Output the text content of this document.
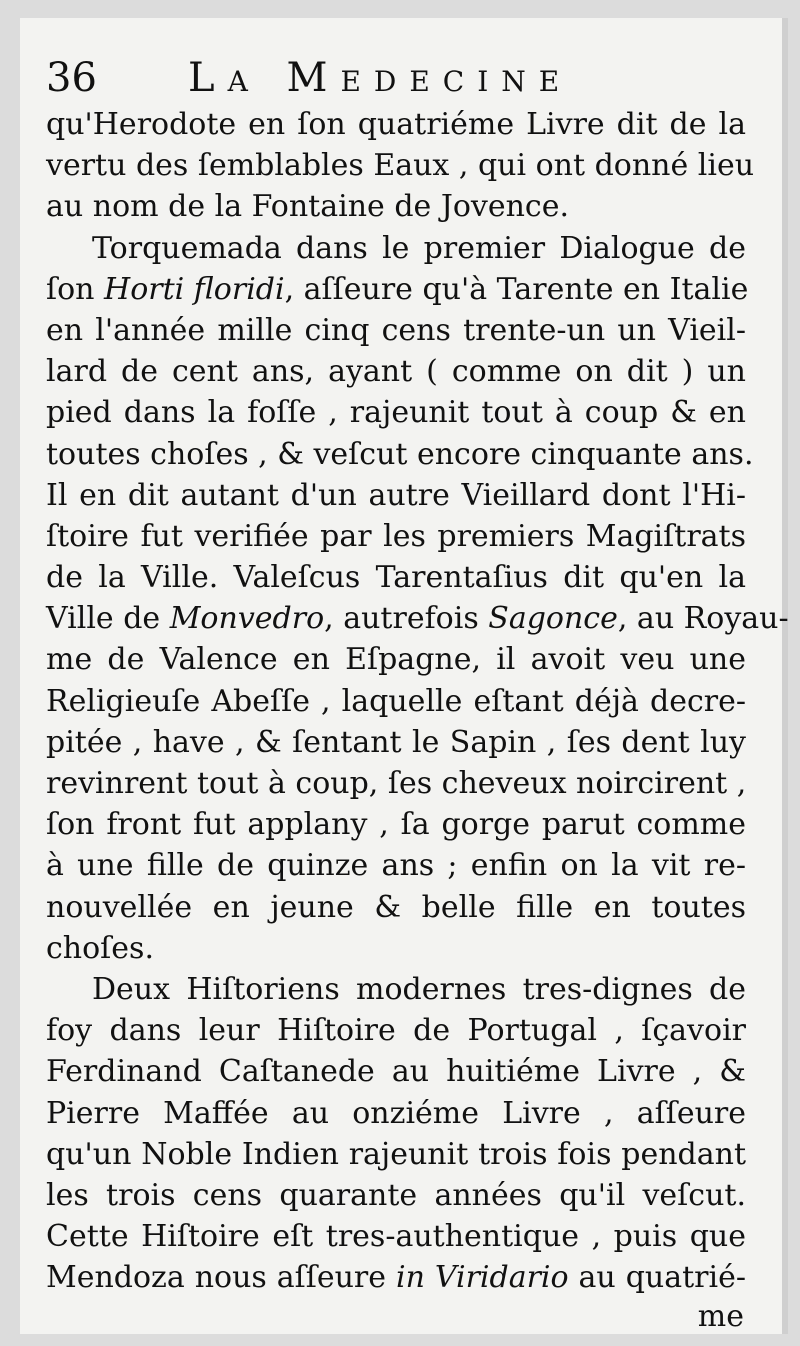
36 La Medecine
qu'Herodote en ſon quatriéme Livre dit de la
vertu des ſemblables Eaux , qui ont donné lieu
au nom de la Fontaine de Jovence.
Torquemada dans le premier Dialogue de
ſon Horti floridi, aſſeure qu'à Tarente en Italie
en l'année mille cinq cens trente-un un Vieil-
lard de cent ans, ayant ( comme on dit ) un
pied dans la foſſe , rajeunit tout à coup & en
toutes choſes , & veſcut encore cinquante ans.
Il en dit autant d'un autre Vieillard dont l'Hi-
ſtoire fut verifiée par les premiers Magiſtrats
de la Ville. Valeſcus Tarentaſius dit qu'en la
Ville de Monvedro, autrefois Sagonce, au Royau-
me de Valence en Eſpagne, il avoit veu une
Religieuſe Abeſſe , laquelle eſtant déjà decre-
pitée , have , & ſentant le Sapin , ſes dent luy
revinrent tout à coup, ſes cheveux noircirent ,
ſon front fut applany , ſa gorge parut comme
à une fille de quinze ans ; enfin on la vit re-
nouvellée en jeune & belle fille en toutes
choſes.
Deux Hiſtoriens modernes tres-dignes de
foy dans leur Hiſtoire de Portugal , ſçavoir
Ferdinand Caſtanede au huitiéme Livre , &
Pierre Maffée au onziéme Livre , aſſeure
qu'un Noble Indien rajeunit trois fois pendant
les trois cens quarante années qu'il veſcut.
Cette Hiſtoire eſt tres-authentique , puis que
Mendoza nous aſſeure in Viridario au quatrié-
me
